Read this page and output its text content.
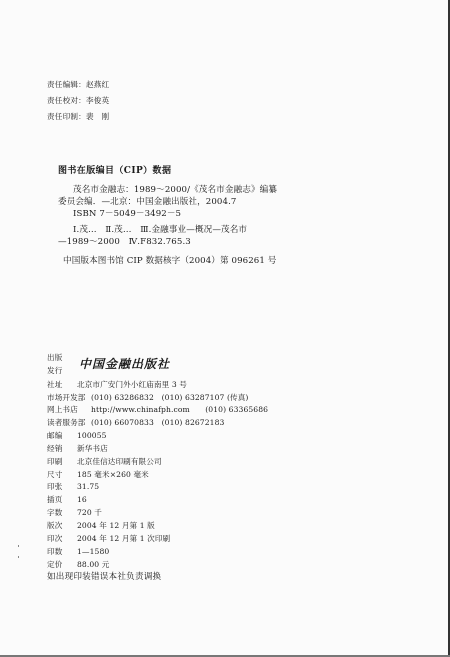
责任编辑：赵燕红
责任校对：李俊英
责任印制：裴　刚
图书在版编目（CIP）数据
茂名市金融志：1989～2000/《茂名市金融志》编纂
委员会编．—北京：中国金融出版社，2004.7
ISBN 7－5049－3492－5
Ⅰ.茂…　Ⅱ.茂…　Ⅲ.金融事业—概况—茂名市
—1989～2000　Ⅳ.F832.765.3
中国版本图书馆 CIP 数据核字（2004）第 096261 号
出版
发行 中国金融出版社
社址 北京市广安门外小红庙南里 3 号
市场开发部 (010) 63286832　(010) 63287107 (传真)
网上书店 http://www.chinafph.com　　(010) 63365686
读者服务部 (010) 66070833　(010) 82672183
邮编 100055
经销 新华书店
印刷 北京佳信达印刷有限公司
尺寸 185 毫米×260 毫米
印张 31.75
插页 16
字数 720 千
版次 2004 年 12 月第 1 版
印次 2004 年 12 月第 1 次印刷
印数 1—1580
定价 88.00 元
如出现印装错误本社负责调换
